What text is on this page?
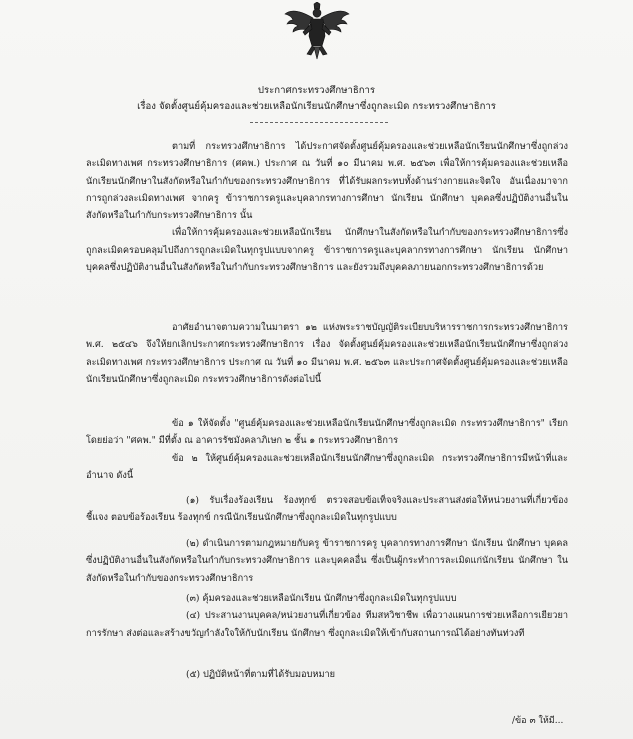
ประกาศกระทรวงศึกษาธิการ
เรื่อง จัดตั้งศูนย์คุ้มครองและช่วยเหลือนักเรียนนักศึกษาซึ่งถูกละเมิด กระทรวงศึกษาธิการ

ตามที่ กระทรวงศึกษาธิการ ได้ประกาศจัดตั้งศูนย์คุ้มครองและช่วยเหลือนักเรียนนักศึกษาซึ่งถูกล่วงละเมิดทางเพศ กระทรวงศึกษาธิการ (ศคพ.) ประกาศ ณ วันที่ ๑๐ มีนาคม พ.ศ. ๒๕๖๓ เพื่อให้การคุ้มครองและช่วยเหลือนักเรียนนักศึกษาในสังกัดหรือในกำกับของกระทรวงศึกษาธิการ ที่ได้รับผลกระทบทั้งด้านร่างกายและจิตใจ อันเนื่องมาจากการถูกล่วงละเมิดทางเพศ จากครู ข้าราชการครูและบุคลากรทางการศึกษา นักเรียน นักศึกษา บุคคลซึ่งปฏิบัติงานอื่นในสังกัดหรือในกำกับกระทรวงศึกษาธิการ นั้น

เพื่อให้การคุ้มครองและช่วยเหลือนักเรียน นักศึกษาในสังกัดหรือในกำกับของกระทรวงศึกษาธิการซึ่งถูกละเมิดครอบคลุมไปถึงการถูกละเมิดในทุกรูปแบบจากครู ข้าราชการครูและบุคลากรทางการศึกษา นักเรียน นักศึกษา บุคคลซึ่งปฏิบัติงานอื่นในสังกัดหรือในกำกับกระทรวงศึกษาธิการ และยังรวมถึงบุคคลภายนอกกระทรวงศึกษาธิการด้วย

อาศัยอำนาจตามความในมาตรา ๑๒ แห่งพระราชบัญญัติระเบียบบริหารราชการกระทรวงศึกษาธิการ พ.ศ. ๒๕๔๖ จึงให้ยกเลิกประกาศกระทรวงศึกษาธิการ เรื่อง จัดตั้งศูนย์คุ้มครองและช่วยเหลือนักเรียนนักศึกษาซึ่งถูกล่วงละเมิดทางเพศ กระทรวงศึกษาธิการ ประกาศ ณ วันที่ ๑๐ มีนาคม พ.ศ. ๒๕๖๓ และประกาศจัดตั้งศูนย์คุ้มครองและช่วยเหลือนักเรียนนักศึกษาซึ่งถูกละเมิด กระทรวงศึกษาธิการดังต่อไปนี้

ข้อ ๑ ให้จัดตั้ง "ศูนย์คุ้มครองและช่วยเหลือนักเรียนนักศึกษาซึ่งถูกละเมิด กระทรวงศึกษาธิการ" เรียกโดยย่อว่า "ศคพ." มีที่ตั้ง ณ อาคารรัชมังคลาภิเษก ๒ ชั้น ๑ กระทรวงศึกษาธิการ

ข้อ ๒ ให้ศูนย์คุ้มครองและช่วยเหลือนักเรียนนักศึกษาซึ่งถูกละเมิด กระทรวงศึกษาธิการมีหน้าที่และอำนาจ ดังนี้

(๑) รับเรื่องร้องเรียน ร้องทุกข์ ตรวจสอบข้อเท็จจริงและประสานส่งต่อให้หน่วยงานที่เกี่ยวข้อง ชี้แจง ตอบข้อร้องเรียน ร้องทุกข์ กรณีนักเรียนนักศึกษาซึ่งถูกละเมิดในทุกรูปแบบ

(๒) ดำเนินการตามกฎหมายกับครู ข้าราชการครู บุคลากรทางการศึกษา นักเรียน นักศึกษา บุคคลซึ่งปฏิบัติงานอื่นในสังกัดหรือในกำกับกระทรวงศึกษาธิการ และบุคคลอื่น ซึ่งเป็นผู้กระทำการละเมิดแก่นักเรียน นักศึกษา ในสังกัดหรือในกำกับของกระทรวงศึกษาธิการ

(๓) คุ้มครองและช่วยเหลือนักเรียน นักศึกษาซึ่งถูกละเมิดในทุกรูปแบบ

(๔) ประสานงานบุคคล/หน่วยงานที่เกี่ยวข้อง ทีมสหวิชาชีพ เพื่อวางแผนการช่วยเหลือการเยียวยา การรักษา ส่งต่อและสร้างขวัญกำลังใจให้กับนักเรียน นักศึกษา ซึ่งถูกละเมิดให้เข้ากับสถานการณ์ได้อย่างทันท่วงที

(๕) ปฏิบัติหน้าที่ตามที่ได้รับมอบหมาย

/ข้อ ๓ ให้มี...
